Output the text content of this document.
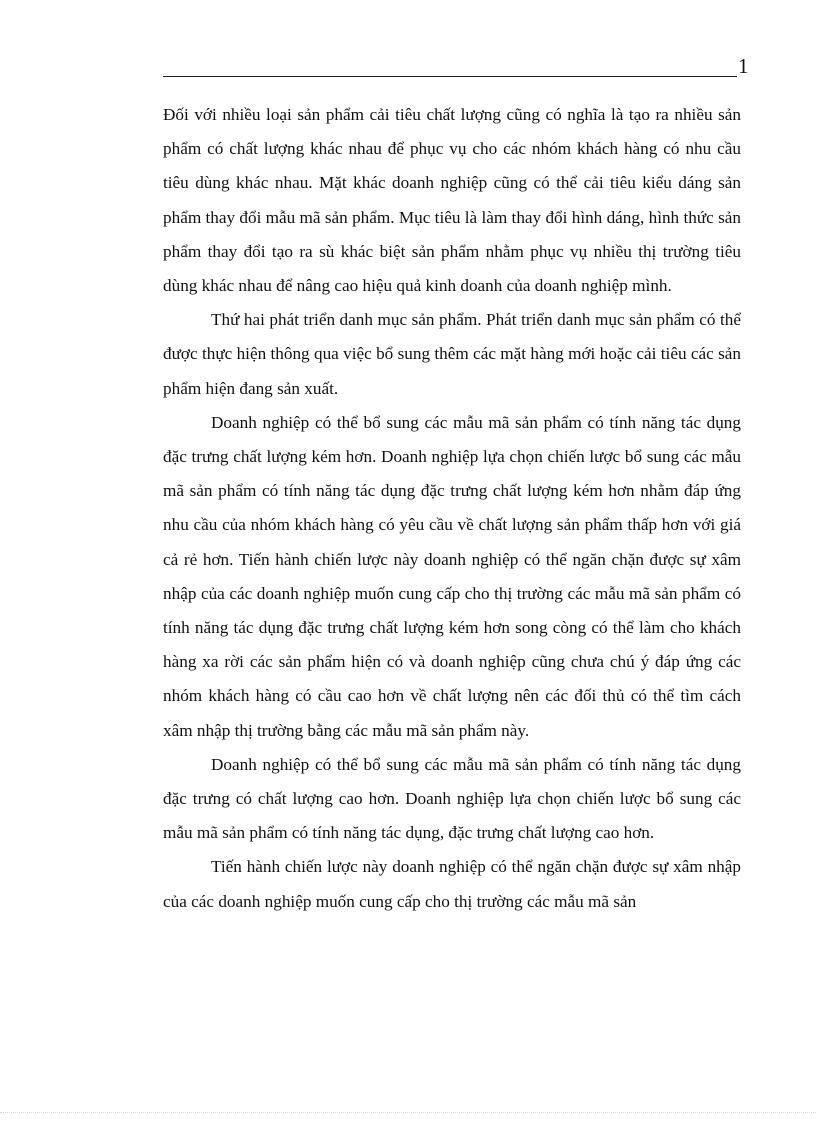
1

Đối với nhiều loại sản phẩm cải tiêu chất lượng cũng có nghĩa là tạo ra nhiều sản phẩm có chất lượng khác nhau để phục vụ cho các nhóm khách hàng có nhu cầu tiêu dùng khác nhau. Mặt khác doanh nghiệp cũng có thể cải tiêu kiểu dáng sản phẩm thay đổi mẫu mã sản phẩm. Mục tiêu là làm thay đổi hình dáng, hình thức sản phẩm thay đổi tạo ra sù khác biệt sản phẩm nhằm phục vụ nhiều thị trường tiêu dùng khác nhau để nâng cao hiệu quả kinh doanh của doanh nghiệp mình.

Thứ hai phát triển danh mục sản phẩm. Phát triển danh mục sản phẩm có thể được thực hiện thông qua việc bổ sung thêm các mặt hàng mới hoặc cải tiêu các sản phẩm hiện đang sản xuất.

Doanh nghiệp có thể bổ sung các mẫu mã sản phẩm có tính năng tác dụng đặc trưng chất lượng kém hơn. Doanh nghiệp lựa chọn chiến lược bổ sung các mẫu mã sản phẩm có tính năng tác dụng đặc trưng chất lượng kém hơn nhằm đáp ứng nhu cầu của nhóm khách hàng có yêu cầu về chất lượng sản phẩm thấp hơn với giá cả rẻ hơn. Tiến hành chiến lược này doanh nghiệp có thể ngăn chặn được sự xâm nhập của các doanh nghiệp muốn cung cấp cho thị trường các mẫu mã sản phẩm có tính năng tác dụng đặc trưng chất lượng kém hơn song còng có thể làm cho khách hàng xa rời các sản phẩm hiện có và doanh nghiệp cũng chưa chú ý đáp ứng các nhóm khách hàng có cầu cao hơn về chất lượng nên các đối thủ có thể tìm cách xâm nhập thị trường bằng các mẫu mã sản phẩm này.

Doanh nghiệp có thể bổ sung các mẫu mã sản phẩm có tính năng tác dụng đặc trưng có chất lượng cao hơn. Doanh nghiệp lựa chọn chiến lược bổ sung các mẫu mã sản phẩm có tính năng tác dụng, đặc trưng chất lượng cao hơn.

Tiến hành chiến lược này doanh nghiệp có thể ngăn chặn được sự xâm nhập của các doanh nghiệp muốn cung cấp cho thị trường các mẫu mã sản
